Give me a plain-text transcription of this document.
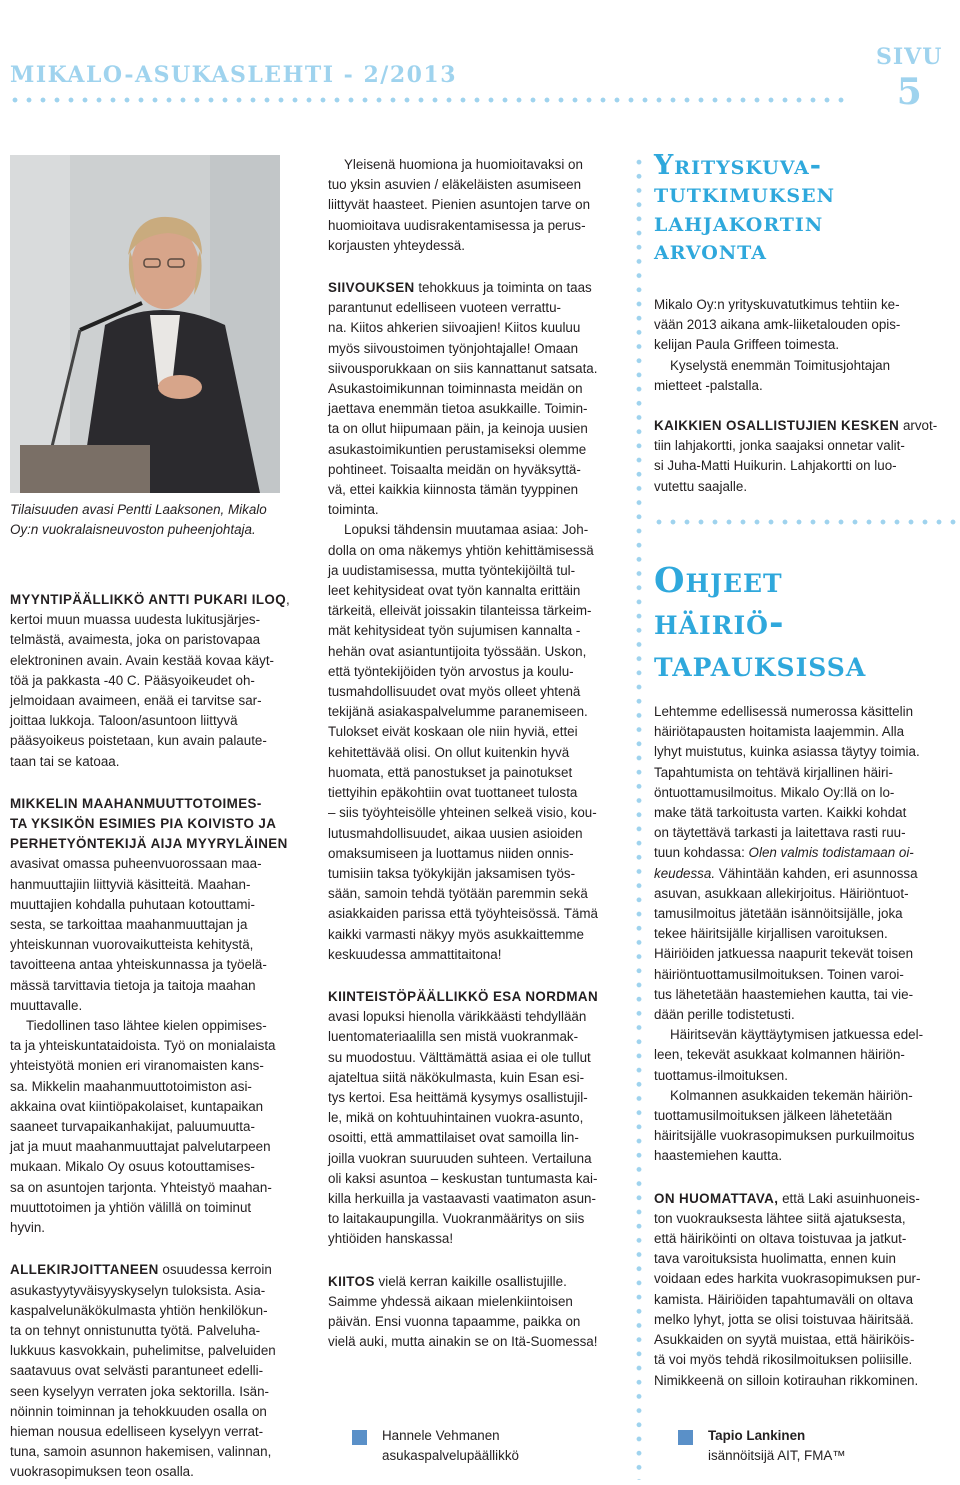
MIKALO-ASUKASLEHTI - 2/2013
SIVU
5
Tilaisuuden avasi Pentti Laaksonen, Mikalo
Oy:n vuokralaisneuvoston puheenjohtaja.

MYYNTIPÄÄLLIKKÖ ANTTI PUKARI ILOQ,
kertoi muun muassa uudesta lukitusjärjes-
telmästä, avaimesta, joka on paristovapaa
elektroninen avain. Avain kestää kovaa käyt-
töä ja pakkasta -40 C. Pääsyoikeudet oh-
jelmoidaan avaimeen, enää ei tarvitse sar-
joittaa lukkoja. Taloon/asuntoon liittyvä
pääsyoikeus poistetaan, kun avain palaute-
taan tai se katoaa.

MIKKELIN MAAHANMUUTTOTOIMES-
TA YKSIKÖN ESIMIES PIA KOIVISTO JA
PERHETYÖNTEKIJÄ AIJA MYYRYLÄINEN
avasivat omassa puheenvuorossaan maa-
hanmuuttajiin liittyviä käsitteitä. Maahan-
muuttajien kohdalla puhutaan kotouttami-
sesta, se tarkoittaa maahanmuuttajan ja
yhteiskunnan vuorovaikutteista kehitystä,
tavoitteena antaa yhteiskunnassa ja työelä-
mässä tarvittavia tietoja ja taitoja maahan
muuttavalle.

Tiedollinen taso lähtee kielen oppimises-
ta ja yhteiskuntataidoista. Työ on monialaista
yhteistyötä monien eri viranomaisten kans-
sa. Mikkelin maahanmuuttotoimiston asi-
akkaina ovat kiintiöpakolaiset, kuntapaikan
saaneet turvapaikanhakijat, paluumuutta-
jat ja muut maahanmuuttajat palvelutarpeen
mukaan. Mikalo Oy osuus kotouttamises-
sa on asuntojen tarjonta. Yhteistyö maahan-
muuttotoimen ja yhtiön välillä on toiminut
hyvin.

ALLEKIRJOITTANEEN osuudessa kerroin
asukastyytyväisyyskyselyn tuloksista. Asia-
kaspalvelunäkökulmasta yhtiön henkilökun-
ta on tehnyt onnistunutta työtä. Palveluha-
lukkuus kasvokkain, puhelimitse, palveluiden
saatavuus ovat selvästi parantuneet edelli-
seen kyselyyn verraten joka sektorilla. Isän-
nöinnin toiminnan ja tehokkuuden osalla on
hieman nousua edelliseen kyselyyn verrat-
tuna, samoin asunnon hakemisen, valinnan,
vuokrasopimuksen teon osalla.

Yleisenä huomiona ja huomioitavaksi on
tuo yksin asuvien / eläkeläisten asumiseen
liittyvät haasteet. Pienien asuntojen tarve on
huomioitava uudisrakentamisessa ja perus-
korjausten yhteydessä.

SIIVOUKSEN tehokkuus ja toiminta on taas
parantunut edelliseen vuoteen verrattu-
na. Kiitos ahkerien siivoajien! Kiitos kuuluu
myös siivoustoimen työnjohtajalle! Omaan
siivousporukkaan on siis kannattanut satsata.
Asukastoimikunnan toiminnasta meidän on
jaettava enemmän tietoa asukkaille. Toimin-
ta on ollut hiipumaan päin, ja keinoja uusien
asukastoimikuntien perustamiseksi olemme
pohtineet. Toisaalta meidän on hyväksyttä-
vä, ettei kaikkia kiinnosta tämän tyyppinen
toiminta.

Lopuksi tähdensin muutamaa asiaa: Joh-
dolla on oma näkemys yhtiön kehittämisessä
ja uudistamisessa, mutta työntekijöiltä tul-
leet kehitysideat ovat työn kannalta erittäin
tärkeitä, elleivät joissakin tilanteissa tärkeim-
mät kehitysideat työn sujumisen kannalta -
hehän ovat asiantuntijoita työssään. Uskon,
että työntekijöiden työn arvostus ja koulu-
tusmahdollisuudet ovat myös olleet yhtenä
tekijänä asiakaspalvelumme paranemiseen.
Tulokset eivät koskaan ole niin hyviä, ettei
kehitettävää olisi. On ollut kuitenkin hyvä
huomata, että panostukset ja painotukset
tiettyihin epäkohtiin ovat tuottaneet tulosta
– siis työyhteisölle yhteinen selkeä visio, kou-
lutusmahdollisuudet, aikaa uusien asioiden
omaksumiseen ja luottamus niiden onnis-
tumisiin taksa työkykijän jaksamisen työs-
sään, samoin tehdä työtään paremmin sekä
asiakkaiden parissa että työyhteisössä. Tämä
kaikki varmasti näkyy myös asukkaittemme
keskuudessa ammattitaitona!

KIINTEISTÖPÄÄLLIKKÖ ESA NORDMAN
avasi lopuksi hienolla värikkäästi tehdyllään
luentomateriaalilla sen mistä vuokranmak-
su muodostuu. Välttämättä asiaa ei ole tullut
ajateltua siitä näkökulmasta, kuin Esan esi-
tys kertoi. Esa heittämä kysymys osallistujil-
le, mikä on kohtuuhintainen vuokra-asunto,
osoitti, että ammattilaiset ovat samoilla lin-
joilla vuokran suuruuden suhteen. Vertailuna
oli kaksi asuntoa – keskustan tuntumasta kai-
killa herkuilla ja vastaavasti vaatimaton asun-
to laitakaupungilla. Vuokranmääritys on siis
yhtiöiden hanskassa!

KIITOS vielä kerran kaikille osallistujille.
Saimme yhdessä aikaan mielenkiintoisen
päivän. Ensi vuonna tapaamme, paikka on
vielä auki, mutta ainakin se on Itä-Suomessa!

Hannele Vehmanen
asukaspalvelupäällikkö
Yrityskuva-
tutkimuksen
lahjakortin
arvonta

Mikalo Oy:n yrityskuvatutkimus tehtiin ke-
vään 2013 aikana amk-liiketalouden opis-
kelijan Paula Griffeen toimesta.

Kyselystä enemmän Toimitusjohtajan
mietteet -palstalla.

KAIKKIEN OSALLISTUJIEN KESKEN arvot-
tiin lahjakortti, jonka saajaksi onnetar valit-
si Juha-Matti Huikurin. Lahjakortti on luo-
vutettu saajalle.

Ohjeet
häiriö-
tapauksissa

Lehtemme edellisessä numerossa käsittelin
häiriötapausten hoitamista laajemmin. Alla
lyhyt muistutus, kuinka asiassa täytyy toimia.
Tapahtumista on tehtävä kirjallinen häiri-
öntuottamusilmoitus. Mikalo Oy:llä on lo-
make tätä tarkoitusta varten. Kaikki kohdat
on täytettävä tarkasti ja laitettava rasti ruu-
tuun kohdassa: Olen valmis todistamaan oi-
keudessa. Vähintään kahden, eri asunnossa
asuvan, asukkaan allekirjoitus. Häiriöntuot-
tamusilmoitus jätetään isännöitsijälle, joka
tekee häiritsijälle kirjallisen varoituksen.
Häiriöiden jatkuessa naapurit tekevät toisen
häiriöntuottamusilmoituksen. Toinen varoi-
tus lähetetään haastemiehen kautta, tai vie-
dään perille todistetusti.

Häiritsevän käyttäytymisen jatkuessa edel-
leen, tekevät asukkaat kolmannen häiriön-
tuottamus-ilmoituksen.

Kolmannen asukkaiden tekemän häiriön-
tuottamusilmoituksen jälkeen lähetetään
häiritsijälle vuokrasopimuksen purkuilmoitus
haastemiehen kautta.

ON HUOMATTAVA, että Laki asuinhuoneis-
ton vuokrauksesta lähtee siitä ajatuksesta,
että häiriköinti on oltava toistuvaa ja jatkut-
tava varoituksista huolimatta, ennen kuin
voidaan edes harkita vuokrasopimuksen pur-
kamista. Häiriöiden tapahtumaväli on oltava
melko lyhyt, jotta se olisi toistuvaa häiritsää.
Asukkaiden on syytä muistaa, että häiriköis-
tä voi myös tehdä rikosilmoituksen poliisille.
Nimikkeenä on silloin kotirauhan rikkominen.

Tapio Lankinen
isännöitsijä AIT, FMA™
